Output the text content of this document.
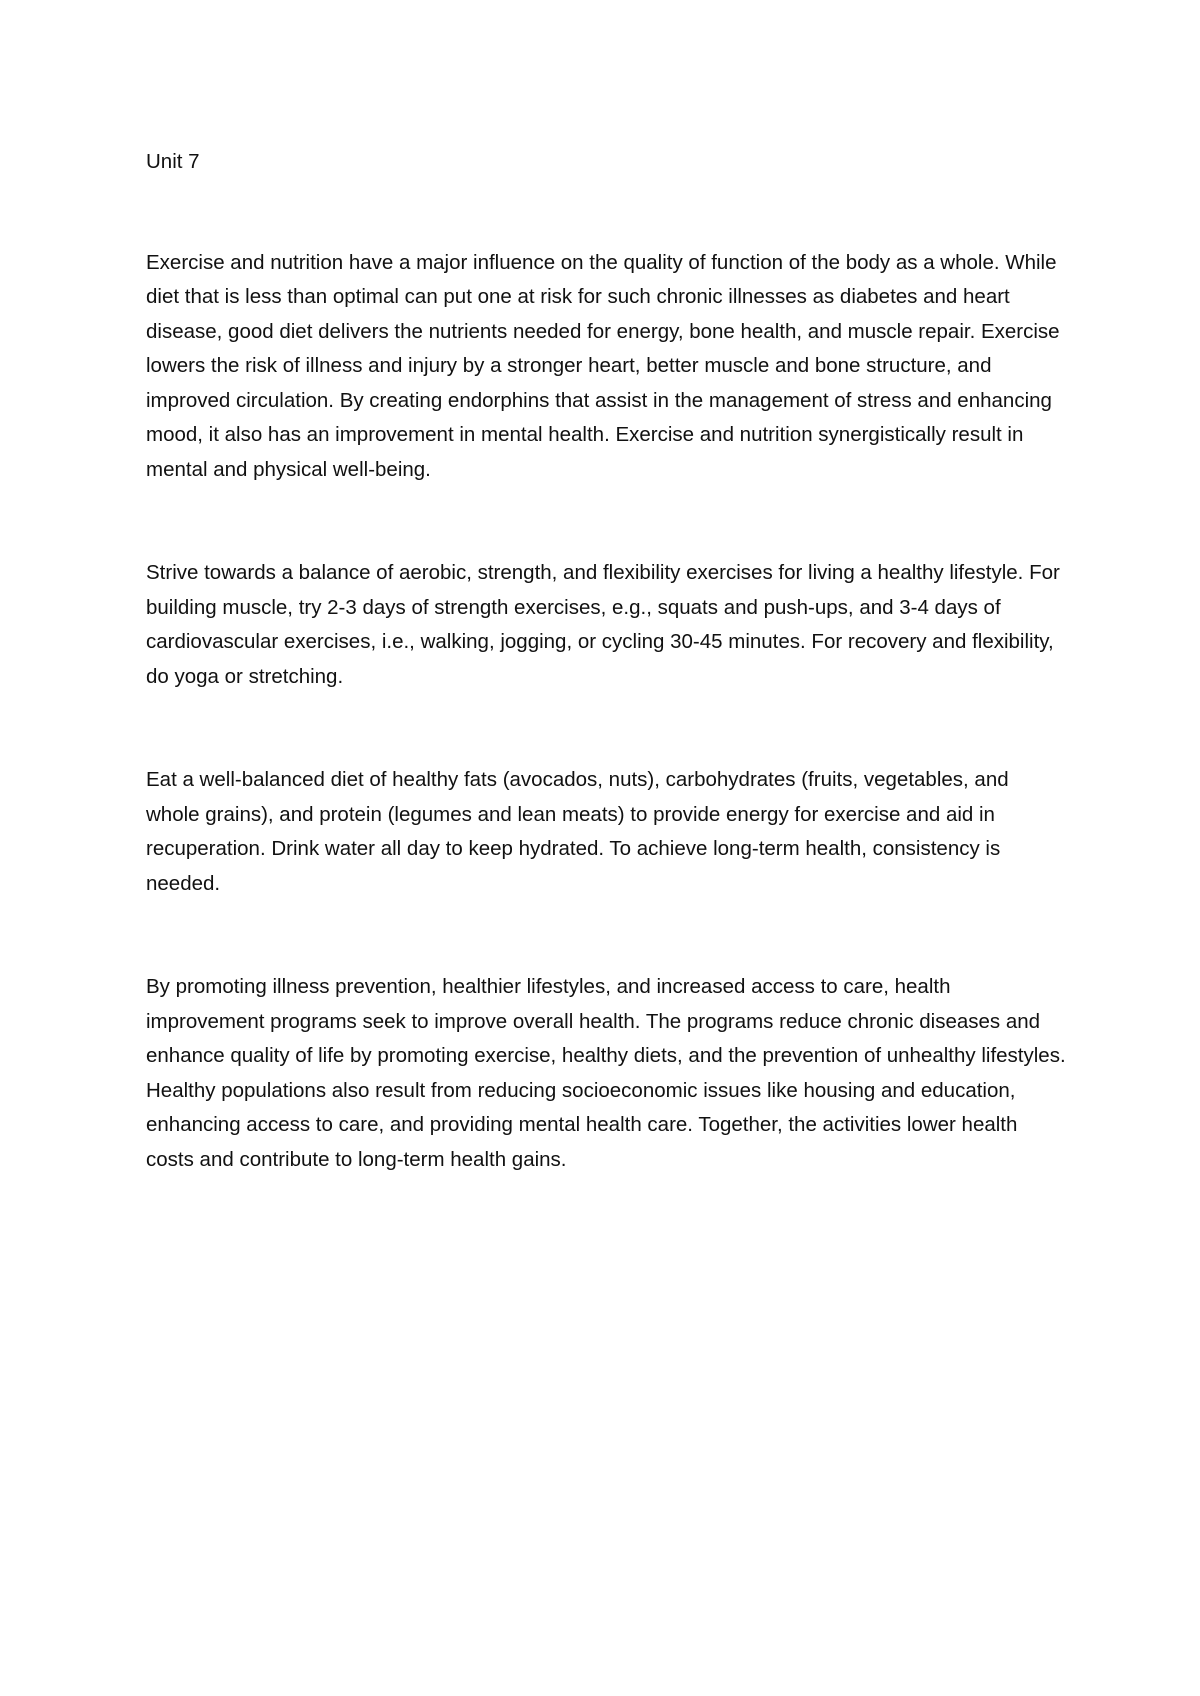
Unit 7

Exercise and nutrition have a major influence on the quality of function of the body as a whole. While diet that is less than optimal can put one at risk for such chronic illnesses as diabetes and heart disease, good diet delivers the nutrients needed for energy, bone health, and muscle repair. Exercise lowers the risk of illness and injury by a stronger heart, better muscle and bone structure, and improved circulation. By creating endorphins that assist in the management of stress and enhancing mood, it also has an improvement in mental health. Exercise and nutrition synergistically result in mental and physical well-being.

Strive towards a balance of aerobic, strength, and flexibility exercises for living a healthy lifestyle. For building muscle, try 2-3 days of strength exercises, e.g., squats and push-ups, and 3-4 days of cardiovascular exercises, i.e., walking, jogging, or cycling 30-45 minutes. For recovery and flexibility, do yoga or stretching.

Eat a well-balanced diet of healthy fats (avocados, nuts), carbohydrates (fruits, vegetables, and whole grains), and protein (legumes and lean meats) to provide energy for exercise and aid in recuperation. Drink water all day to keep hydrated. To achieve long-term health, consistency is needed.

By promoting illness prevention, healthier lifestyles, and increased access to care, health improvement programs seek to improve overall health. The programs reduce chronic diseases and enhance quality of life by promoting exercise, healthy diets, and the prevention of unhealthy lifestyles. Healthy populations also result from reducing socioeconomic issues like housing and education, enhancing access to care, and providing mental health care. Together, the activities lower health costs and contribute to long-term health gains.
